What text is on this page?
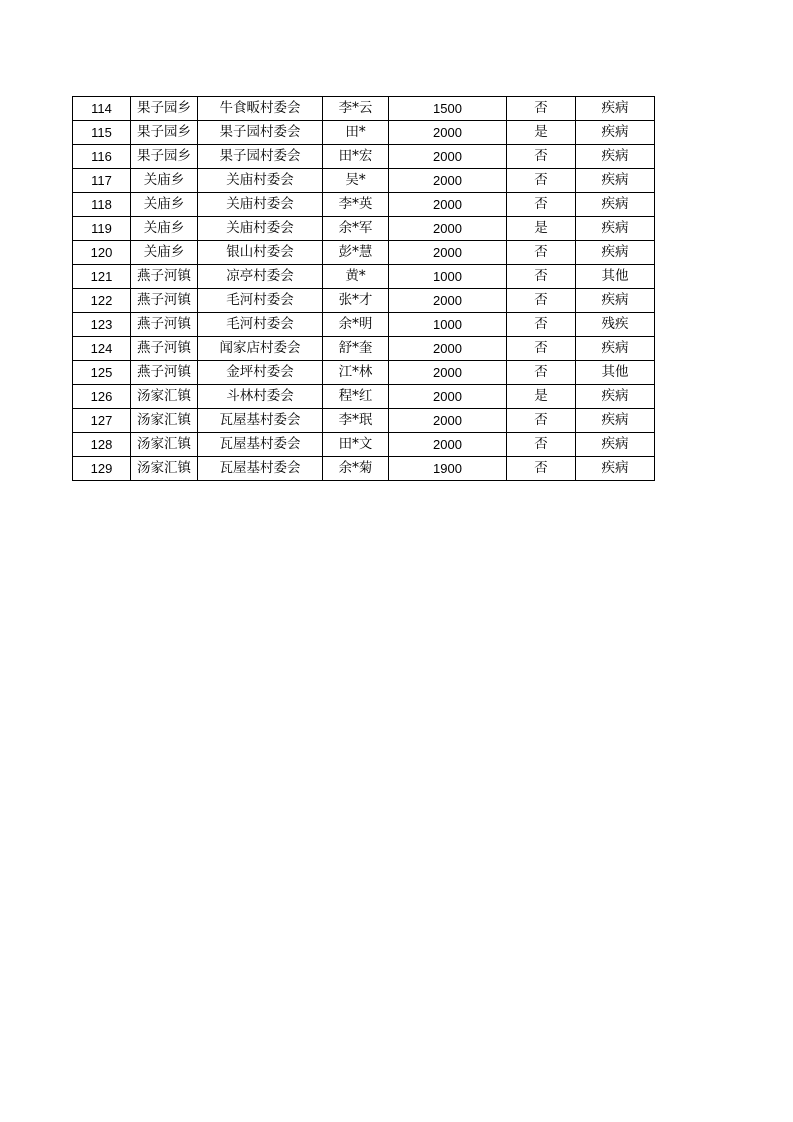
114	果子园乡	牛食畈村委会	李*云	1500	否	疾病
115	果子园乡	果子园村委会	田*	2000	是	疾病
116	果子园乡	果子园村委会	田*宏	2000	否	疾病
117	关庙乡	关庙村委会	吴*	2000	否	疾病
118	关庙乡	关庙村委会	李*英	2000	否	疾病
119	关庙乡	关庙村委会	余*军	2000	是	疾病
120	关庙乡	银山村委会	彭*慧	2000	否	疾病
121	燕子河镇	凉亭村委会	黄*	1000	否	其他
122	燕子河镇	毛河村委会	张*才	2000	否	疾病
123	燕子河镇	毛河村委会	余*明	1000	否	残疾
124	燕子河镇	闻家店村委会	舒*奎	2000	否	疾病
125	燕子河镇	金坪村委会	江*林	2000	否	其他
126	汤家汇镇	斗林村委会	程*红	2000	是	疾病
127	汤家汇镇	瓦屋基村委会	李*珉	2000	否	疾病
128	汤家汇镇	瓦屋基村委会	田*文	2000	否	疾病
129	汤家汇镇	瓦屋基村委会	余*菊	1900	否	疾病
